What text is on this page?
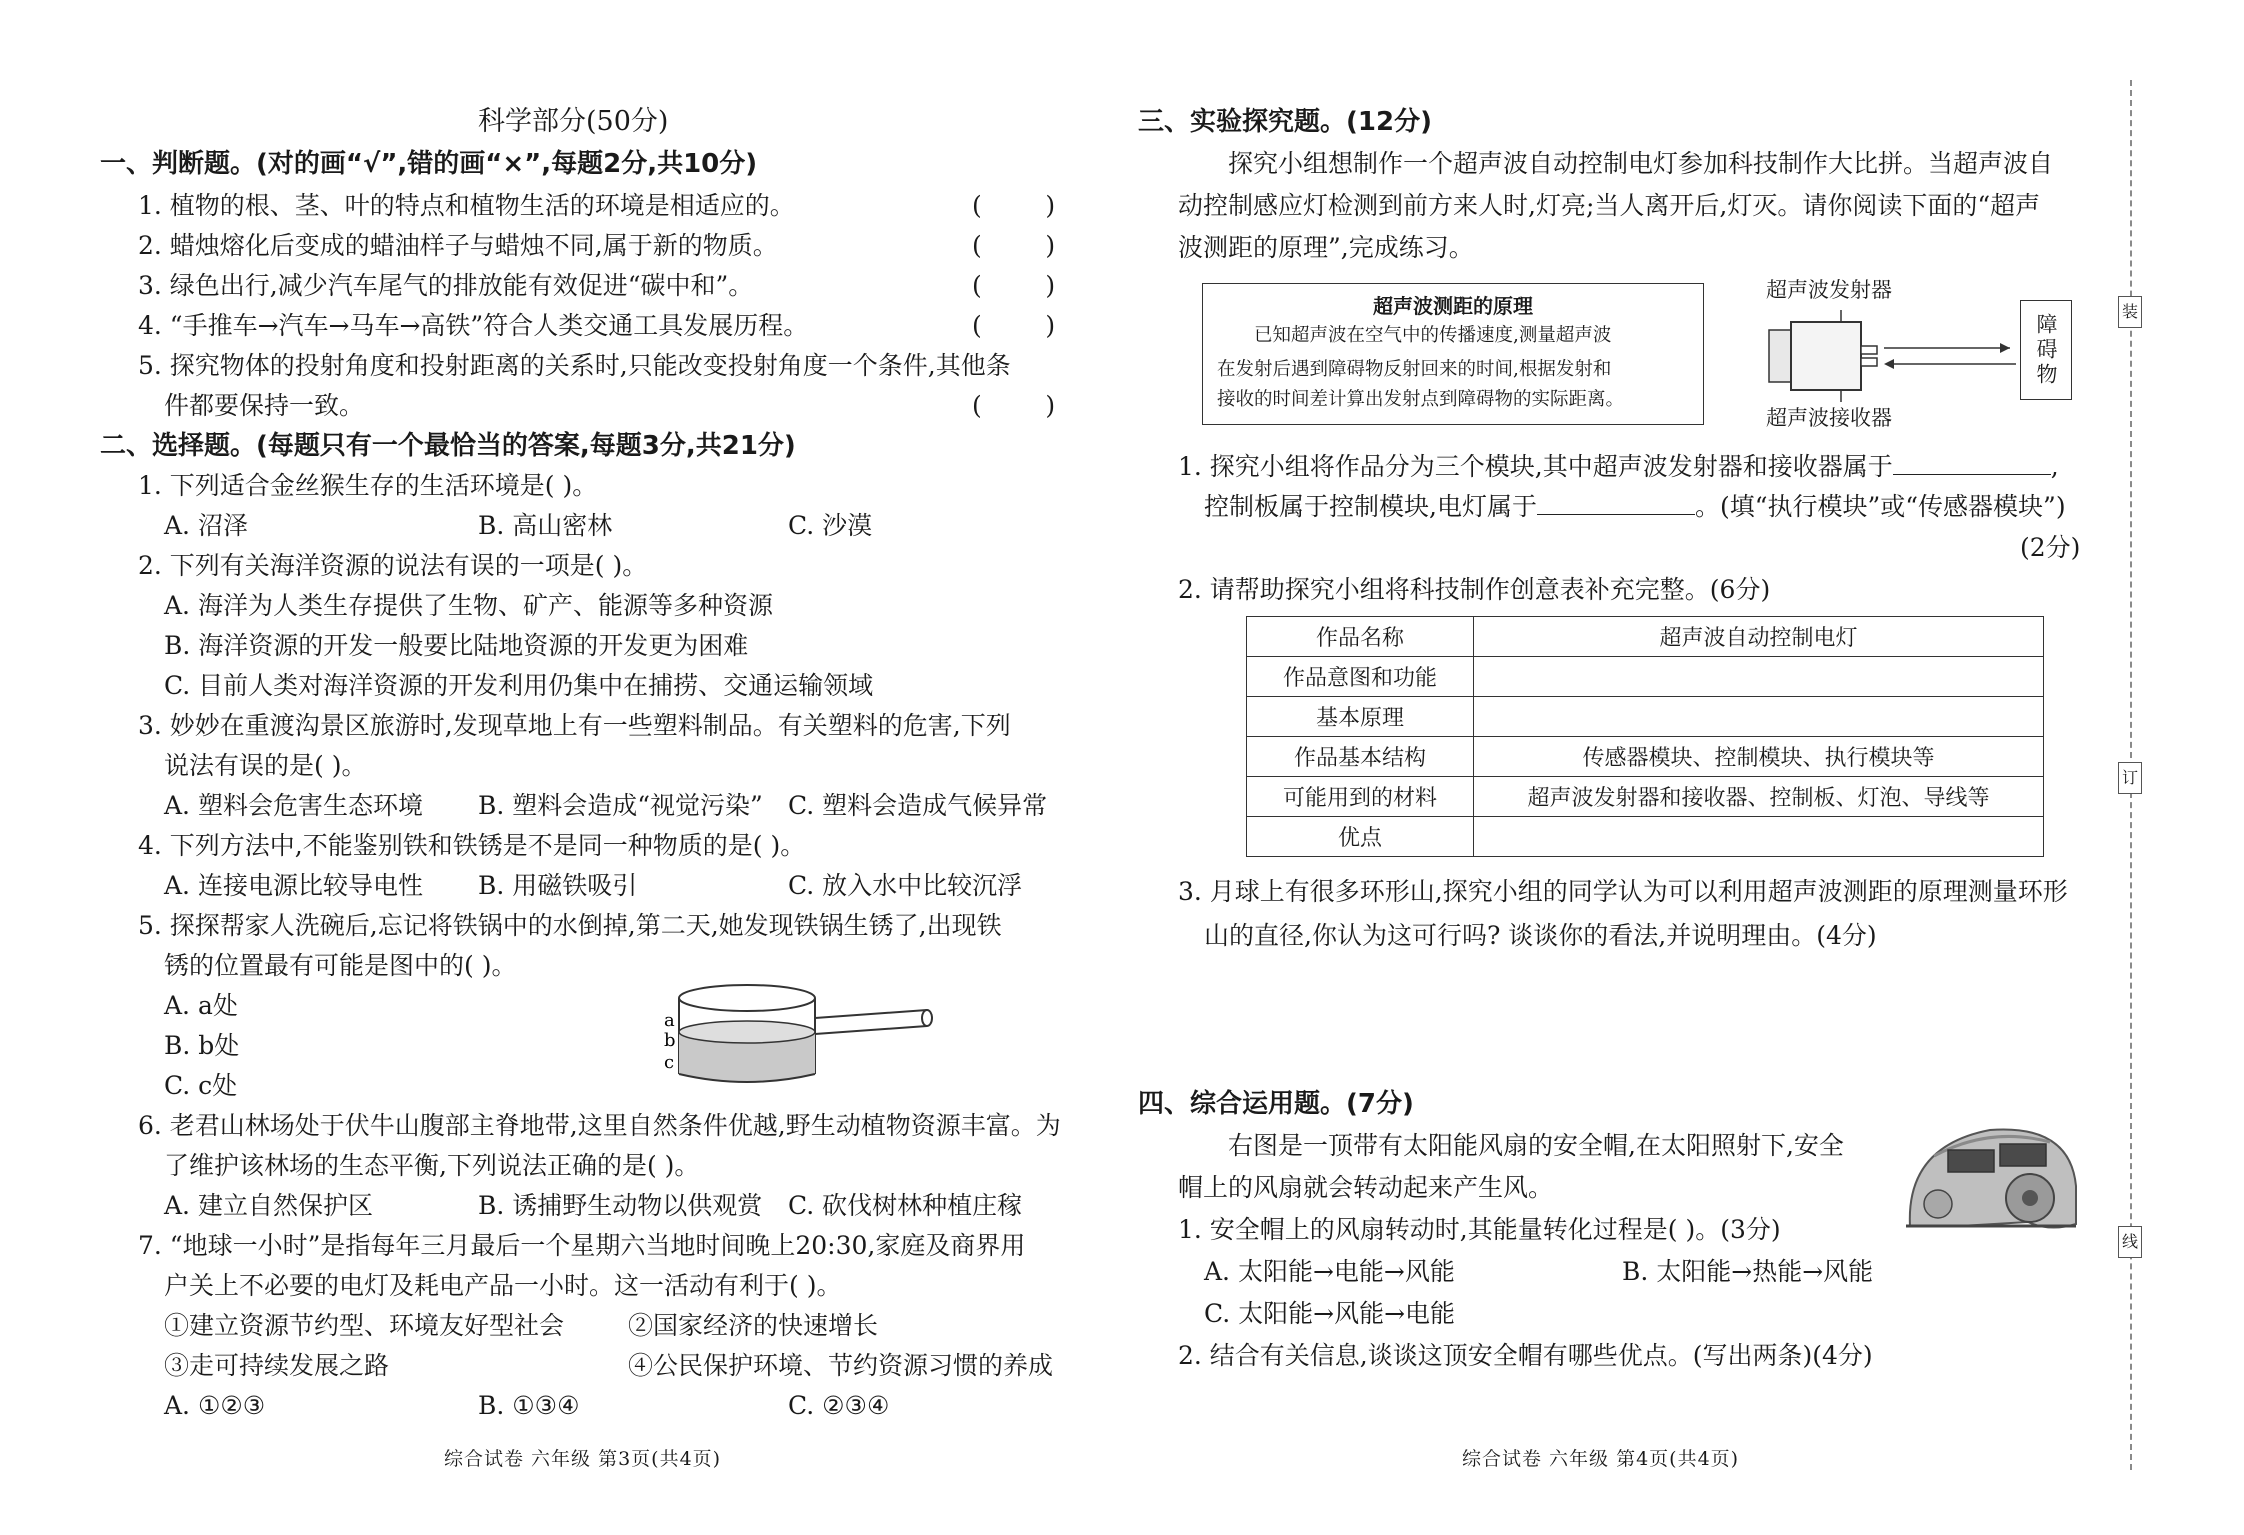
科学部分(50分)
一、判断题。(对的画“√”,错的画“×”,每题2分,共10分)
1. 植物的根、茎、叶的特点和植物生活的环境是相适应的。	(        )
2. 蜡烛熔化后变成的蜡油样子与蜡烛不同,属于新的物质。	(        )
3. 绿色出行,减少汽车尾气的排放能有效促进“碳中和”。	(        )
4. “手推车→汽车→马车→高铁”符合人类交通工具发展历程。	(        )
5. 探究物体的投射角度和投射距离的关系时,只能改变投射角度一个条件,其他条
件都要保持一致。	(        )
二、选择题。(每题只有一个最恰当的答案,每题3分,共21分)
1. 下列适合金丝猴生存的生活环境是( )。
A. 沼泽	B. 高山密林	C. 沙漠
2. 下列有关海洋资源的说法有误的一项是( )。
A. 海洋为人类生存提供了生物、矿产、能源等多种资源
B. 海洋资源的开发一般要比陆地资源的开发更为困难
C. 目前人类对海洋资源的开发利用仍集中在捕捞、交通运输领域
3. 妙妙在重渡沟景区旅游时,发现草地上有一些塑料制品。有关塑料的危害,下列
说法有误的是( )。
A. 塑料会危害生态环境 B. 塑料会造成“视觉污染” C. 塑料会造成气候异常
4. 下列方法中,不能鉴别铁和铁锈是不是同一种物质的是( )。
A. 连接电源比较导电性 B. 用磁铁吸引	C. 放入水中比较沉浮
5. 探探帮家人洗碗后,忘记将铁锅中的水倒掉,第二天,她发现铁锅生锈了,出现铁
锈的位置最有可能是图中的( )。
A. a处
B. b处
C. c处
a
b
c
6. 老君山林场处于伏牛山腹部主脊地带,这里自然条件优越,野生动植物资源丰富。为
了维护该林场的生态平衡,下列说法正确的是( )。
A. 建立自然保护区	B. 诱捕野生动物以供观赏 C. 砍伐树林种植庄稼
7. “地球一小时”是指每年三月最后一个星期六当地时间晚上20:30,家庭及商界用
户关上不必要的电灯及耗电产品一小时。这一活动有利于( )。
①建立资源节约型、环境友好型社会	②国家经济的快速增长
③走可持续发展之路	④公民保护环境、节约资源习惯的养成
A. ①②③	B. ①③④	C. ②③④
综合试卷 六年级 第3页(共4页)
三、实验探究题。(12分)
探究小组想制作一个超声波自动控制电灯参加科技制作大比拼。当超声波自
动控制感应灯检测到前方来人时,灯亮;当人离开后,灯灭。请你阅读下面的“超声
波测距的原理”,完成练习。
超声波测距的原理
已知超声波在空气中的传播速度,测量超声波
在发射后遇到障碍物反射回来的时间,根据发射和
接收的时间差计算出发射点到障碍物的实际距离。
超声波发射器
超声波接收器
障碍物
1. 探究小组将作品分为三个模块,其中超声波发射器和接收器属于	,
控制板属于控制模块,电灯属于	。(填“执行模块”或“传感器模块”)
(2分)
2. 请帮助探究小组将科技制作创意表补充完整。(6分)
作品名称	超声波自动控制电灯
作品意图和功能	
基本原理	
作品基本结构	传感器模块、控制模块、执行模块等
可能用到的材料	超声波发射器和接收器、控制板、灯泡、导线等
优点	
3. 月球上有很多环形山,探究小组的同学认为可以利用超声波测距的原理测量环形
山的直径,你认为这可行吗? 谈谈你的看法,并说明理由。(4分)
四、综合运用题。(7分)
右图是一顶带有太阳能风扇的安全帽,在太阳照射下,安全
帽上的风扇就会转动起来产生风。
1. 安全帽上的风扇转动时,其能量转化过程是( )。(3分)
A. 太阳能→电能→风能	B. 太阳能→热能→风能
C. 太阳能→风能→电能
2. 结合有关信息,谈谈这顶安全帽有哪些优点。(写出两条)(4分)
综合试卷 六年级 第4页(共4页)
装
订
线
